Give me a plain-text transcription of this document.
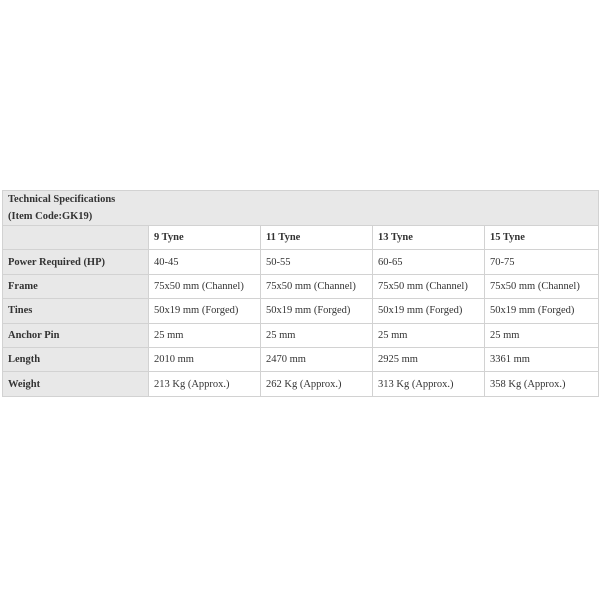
Technical Specifications
(Item Code:GK19)				

	9 Tyne	11 Tyne	13 Tyne	15 Tyne
Power Required (HP)	40-45	50-55	60-65	70-75
Frame	75x50 mm (Channel)	75x50 mm (Channel)	75x50 mm (Channel)	75x50 mm (Channel)
Tines	50x19 mm (Forged)	50x19 mm (Forged)	50x19 mm (Forged)	50x19 mm (Forged)
Anchor Pin	25 mm	25 mm	25 mm	25 mm
Length	2010 mm	2470 mm	2925 mm	3361 mm
Weight	213 Kg (Approx.)	262 Kg (Approx.)	313 Kg (Approx.)	358 Kg (Approx.)
